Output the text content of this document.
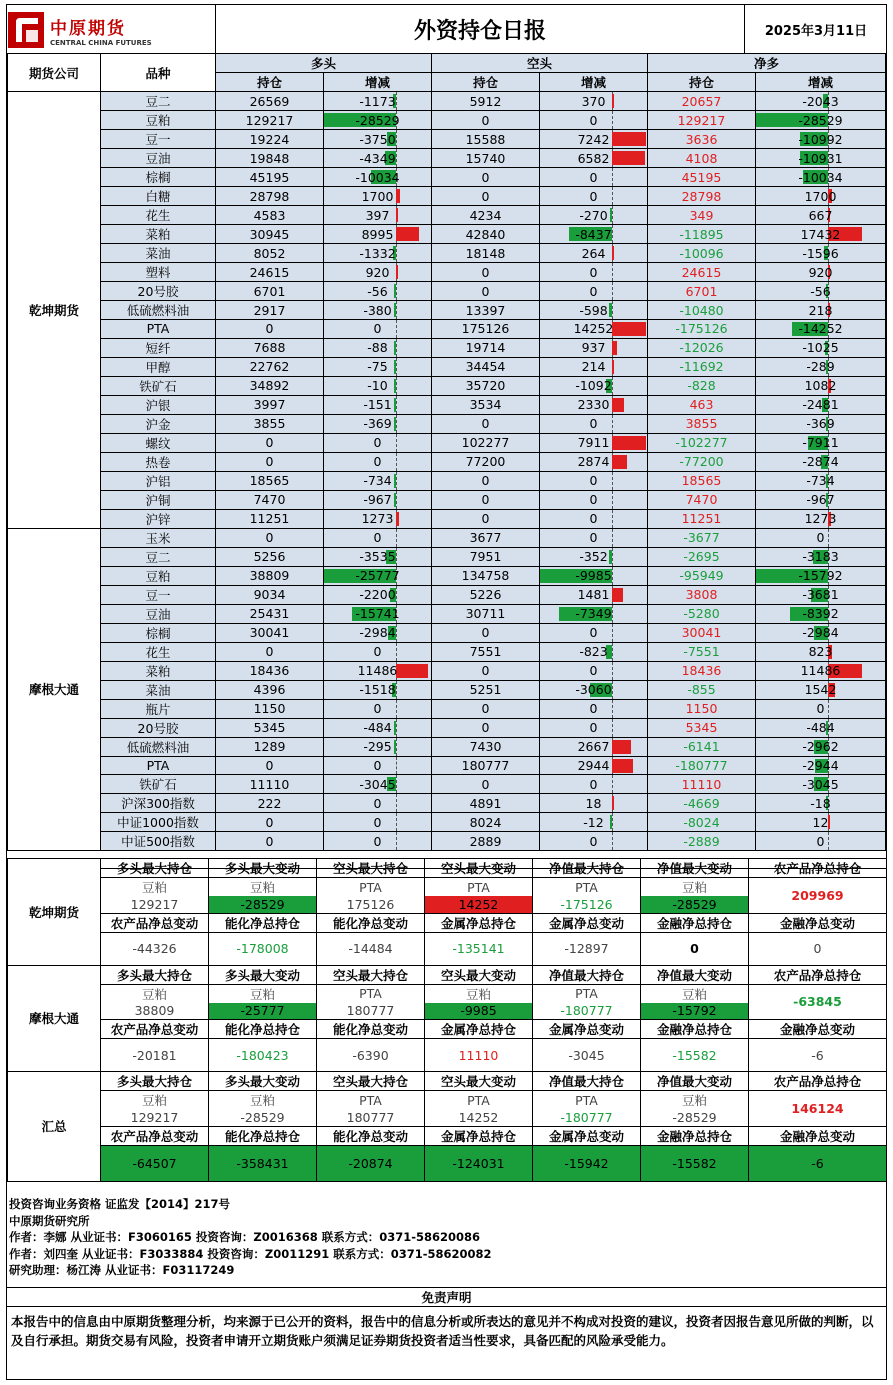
中原期货
CENTRAL CHINA FUTURES	外资持仓日报	2025年3月11日
期货公司	品种	多头		空头		净多	
		持仓	增减	持仓	增减	持仓	增减
乾坤期货	豆二	26569	-1173	5912	370	20657	-2043
	豆粕	129217	-28529	0	0	129217	-28529
	豆一	19224	-3750	15588	7242	3636	-10992
	豆油	19848	-4349	15740	6582	4108	-10931
	棕榈	45195	-10034	0	0	45195	-10034
	白糖	28798	1700	0	0	28798	1700
	花生	4583	397	4234	-270	349	667
	菜粕	30945	8995	42840	-8437	-11895	17432
	菜油	8052	-1332	18148	264	-10096	-1596
	塑料	24615	920	0	0	24615	920
	20号胶	6701	-56	0	0	6701	-56
	低硫燃料油	2917	-380	13397	-598	-10480	218
	PTA	0	0	175126	14252	-175126	-14252
	短纤	7688	-88	19714	937	-12026	-1025
	甲醇	22762	-75	34454	214	-11692	-289
	铁矿石	34892	-10	35720	-1092	-828	1082
	沪银	3997	-151	3534	2330	463	-2481
	沪金	3855	-369	0	0	3855	-369
	螺纹	0	0	102277	7911	-102277	-7911
	热卷	0	0	77200	2874	-77200	-2874
	沪铝	18565	-734	0	0	18565	-734
	沪铜	7470	-967	0	0	7470	-967
	沪锌	11251	1273	0	0	11251	1273
摩根大通	玉米	0	0	3677	0	-3677	0
	豆二	5256	-3535	7951	-352	-2695	-3183
	豆粕	38809	-25777	134758	-9985	-95949	-15792
	豆一	9034	-2200	5226	1481	3808	-3681
	豆油	25431	-15741	30711	-7349	-5280	-8392
	棕榈	30041	-2984	0	0	30041	-2984
	花生	0	0	7551	-823	-7551	823
	菜粕	18436	11486	0	0	18436	11486
	菜油	4396	-1518	5251	-3060	-855	1542
	瓶片	1150	0	0	0	1150	0
	20号胶	5345	-484	0	0	5345	-484
	低硫燃料油	1289	-295	7430	2667	-6141	-2962
	PTA	0	0	180777	2944	-180777	-2944
	铁矿石	11110	-3045	0	0	11110	-3045
	沪深300指数	222	0	4891	18	-4669	-18
	中证1000指数	0	0	8024	-12	-8024	12
	中证500指数	0	0	2889	0	-2889	0

乾坤期货	多头最大持仓	多头最大变动	空头最大持仓	空头最大变动	净值最大持仓	净值最大变动	农产品净总持仓
	豆粕	豆粕	PTA	PTA	PTA	豆粕	209969
	129217	-28529	175126	14252	-175126	-28529	
	农产品净总变动	能化净总持仓	能化净总变动	金属净总持仓	金属净总变动	金融净总持仓	金融净总变动
	-44326	-178008	-14484	-135141	-12897	0	0
摩根大通	多头最大持仓	多头最大变动	空头最大持仓	空头最大变动	净值最大持仓	净值最大变动	农产品净总持仓
	豆粕	豆粕	PTA	豆粕	PTA	豆粕	-63845
	38809	-25777	180777	-9985	-180777	-15792	
	农产品净总变动	能化净总持仓	能化净总变动	金属净总持仓	金属净总变动	金融净总持仓	金融净总变动
	-20181	-180423	-6390	11110	-3045	-15582	-6
汇总	多头最大持仓	多头最大变动	空头最大持仓	空头最大变动	净值最大持仓	净值最大变动	农产品净总持仓
	豆粕	豆粕	PTA	PTA	PTA	豆粕	146124
	129217	-28529	180777	14252	-180777	-28529	
	农产品净总变动	能化净总持仓	能化净总变动	金属净总持仓	金属净总变动	金融净总持仓	金融净总变动
	-64507	-358431	-20874	-124031	-15942	-15582	-6
投资咨询业务资格 证监发【2014】217号
中原期货研究所
作者：李娜 从业证书：F3060165 投资咨询：Z0016368 联系方式：0371-58620086
作者：刘四奎 从业证书：F3033884 投资咨询：Z0011291 联系方式：0371-58620082
研究助理：杨江涛 从业证书：F03117249
免责声明
本报告中的信息由中原期货整理分析，均来源于已公开的资料，报告中的信息分析或所表达的意见并不构成对投资的建议，投资者因报告意见所做的判断，以及自行承担。期货交易有风险，投资者申请开立期货账户须满足证券期货投资者适当性要求，具备匹配的风险承受能力。
